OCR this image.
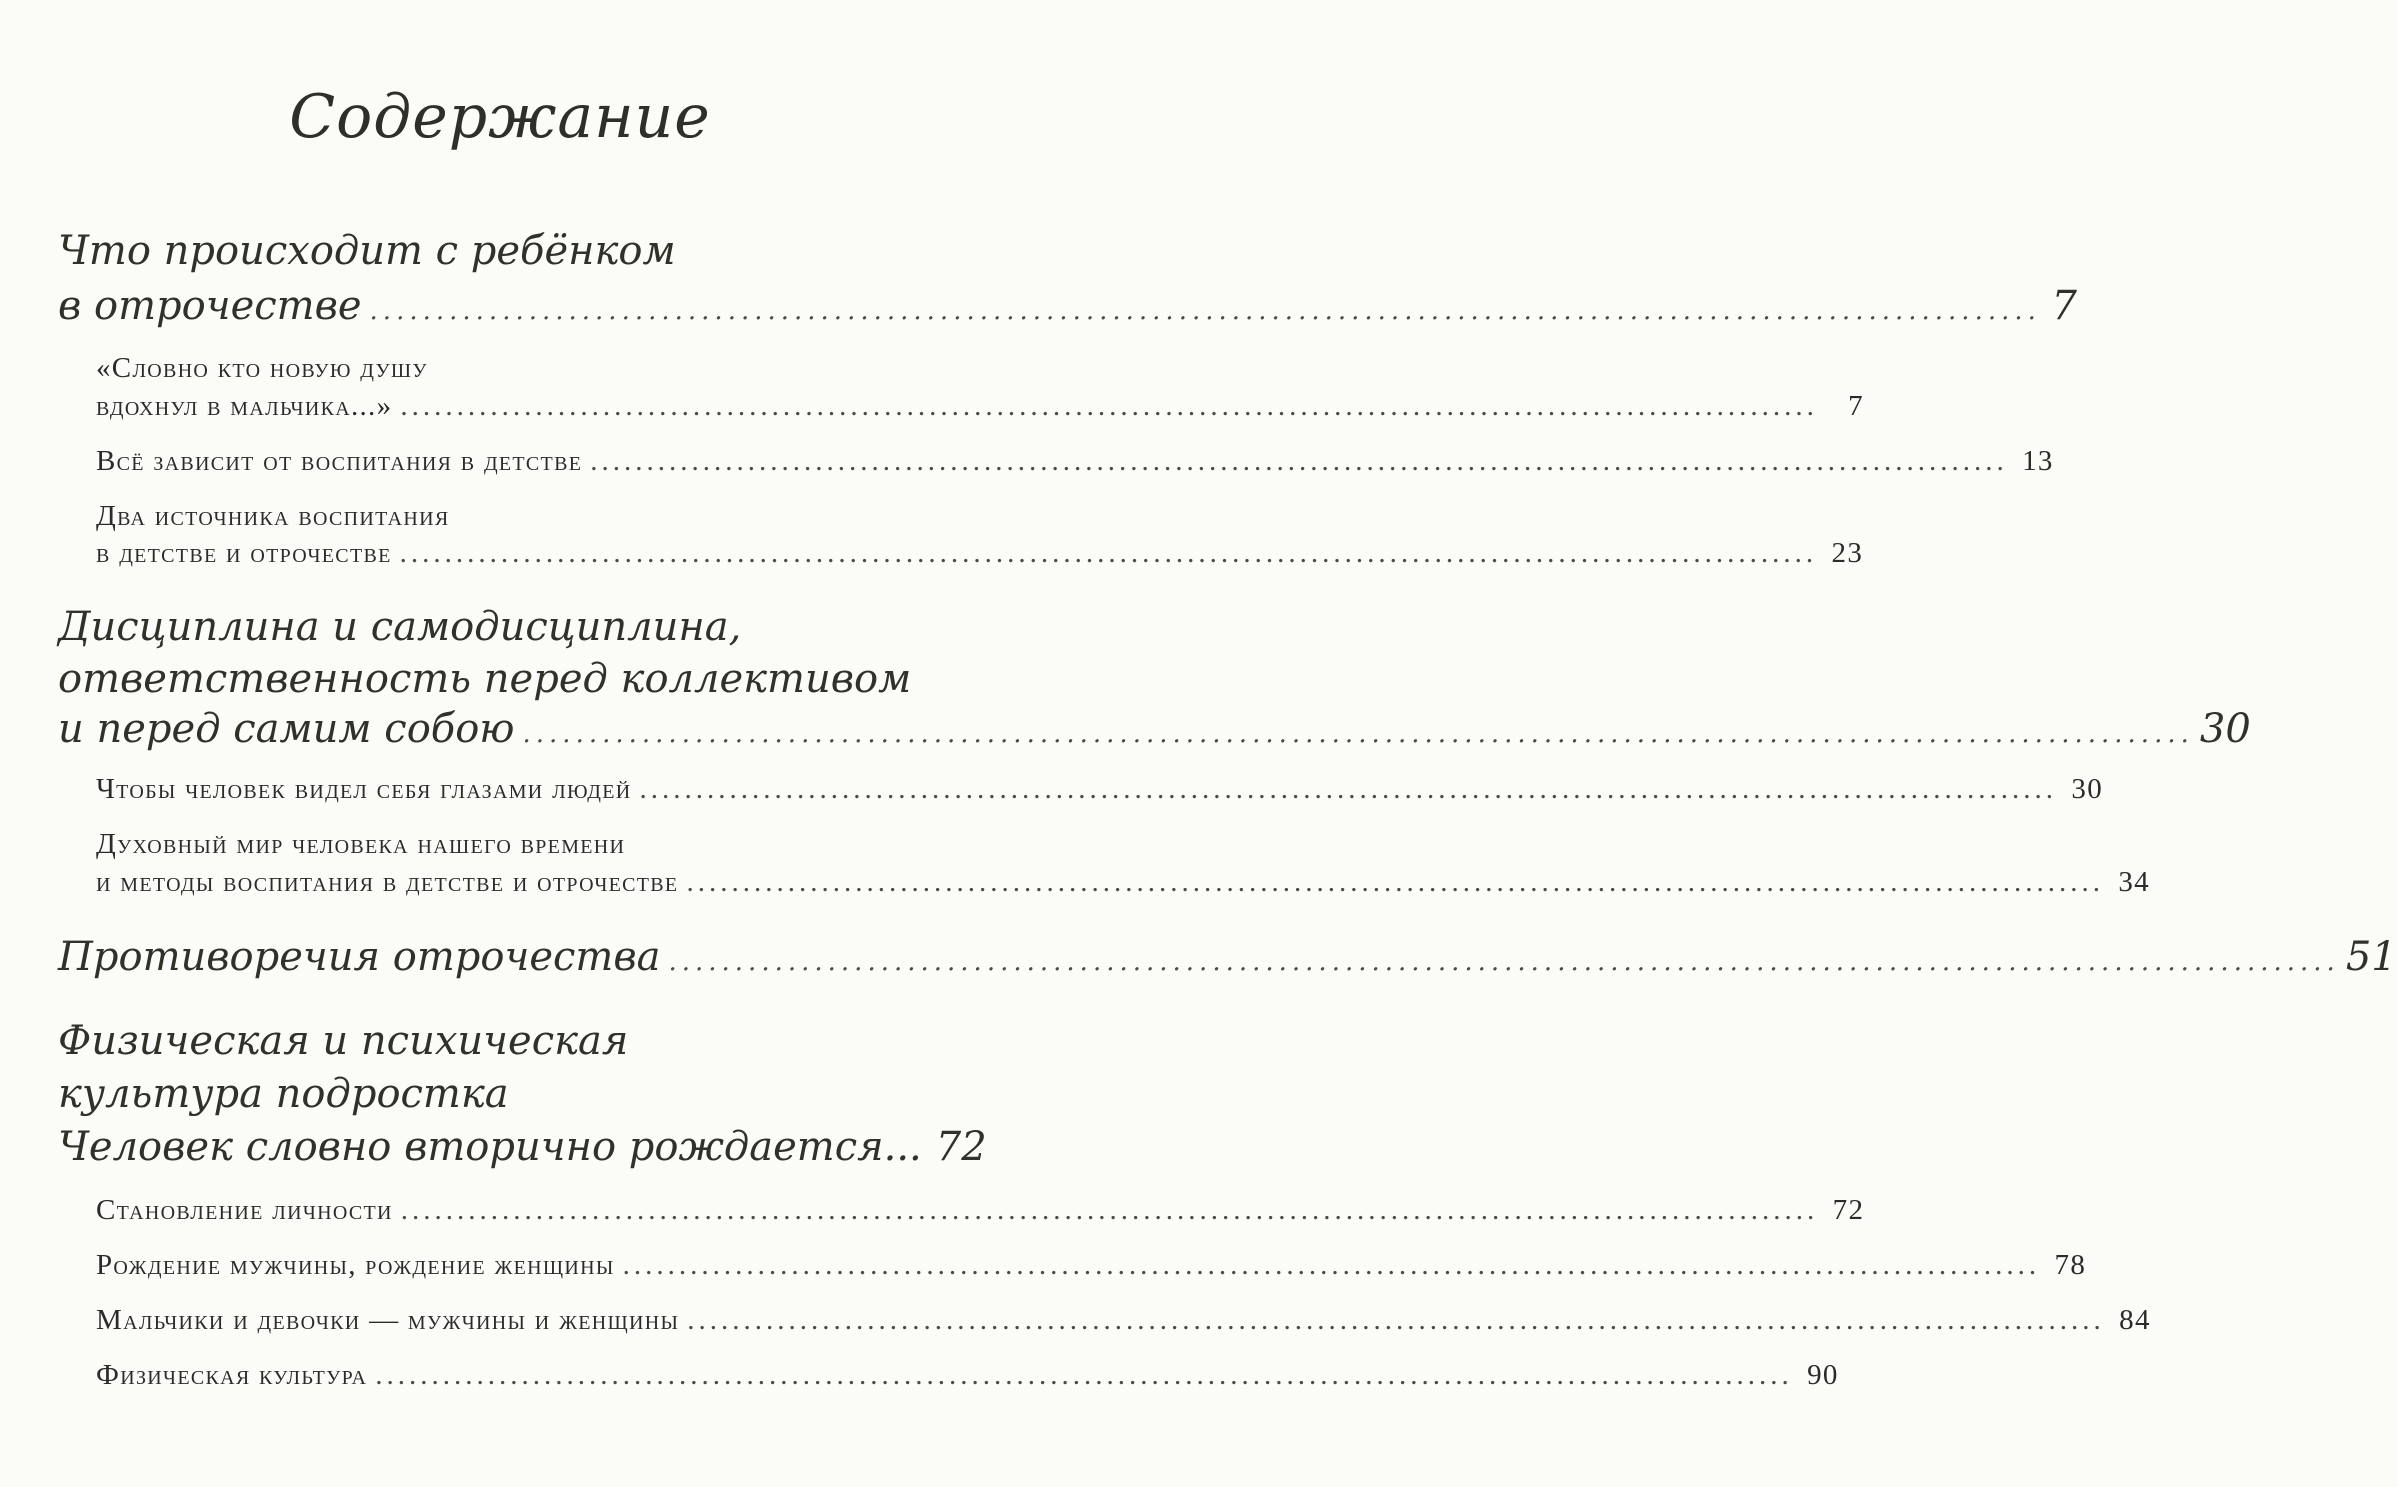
Содержание
Что происходит с ребёнком
в отрочестве .............................................................................................................................. 7
«Словно кто новую душу
вдохнул в мальчика...» ..............................................................................................................................	7
Всё зависит от воспитания в детстве .............................................................................................................................. 13
Два источника воспитания
в детстве и отрочестве .............................................................................................................................. 23
Дисциплина и самодисциплина,
ответственность перед коллективом
и перед самим собою .............................................................................................................................. 30
Чтобы человек видел себя глазами людей .............................................................................................................................. 30
Духовный мир человека нашего времени
и методы воспитания в детстве и отрочестве .............................................................................................................................. 34
Противоречия отрочества .............................................................................................................................. 51
Физическая и психическая
культура подростка
Человек словно вторично рождается... 72
Становление личности .............................................................................................................................. 72
Рождение мужчины, рождение женщины .............................................................................................................................. 78
Мальчики и девочки — мужчины и женщины .............................................................................................................................. 84
Физическая культура .............................................................................................................................. 90
